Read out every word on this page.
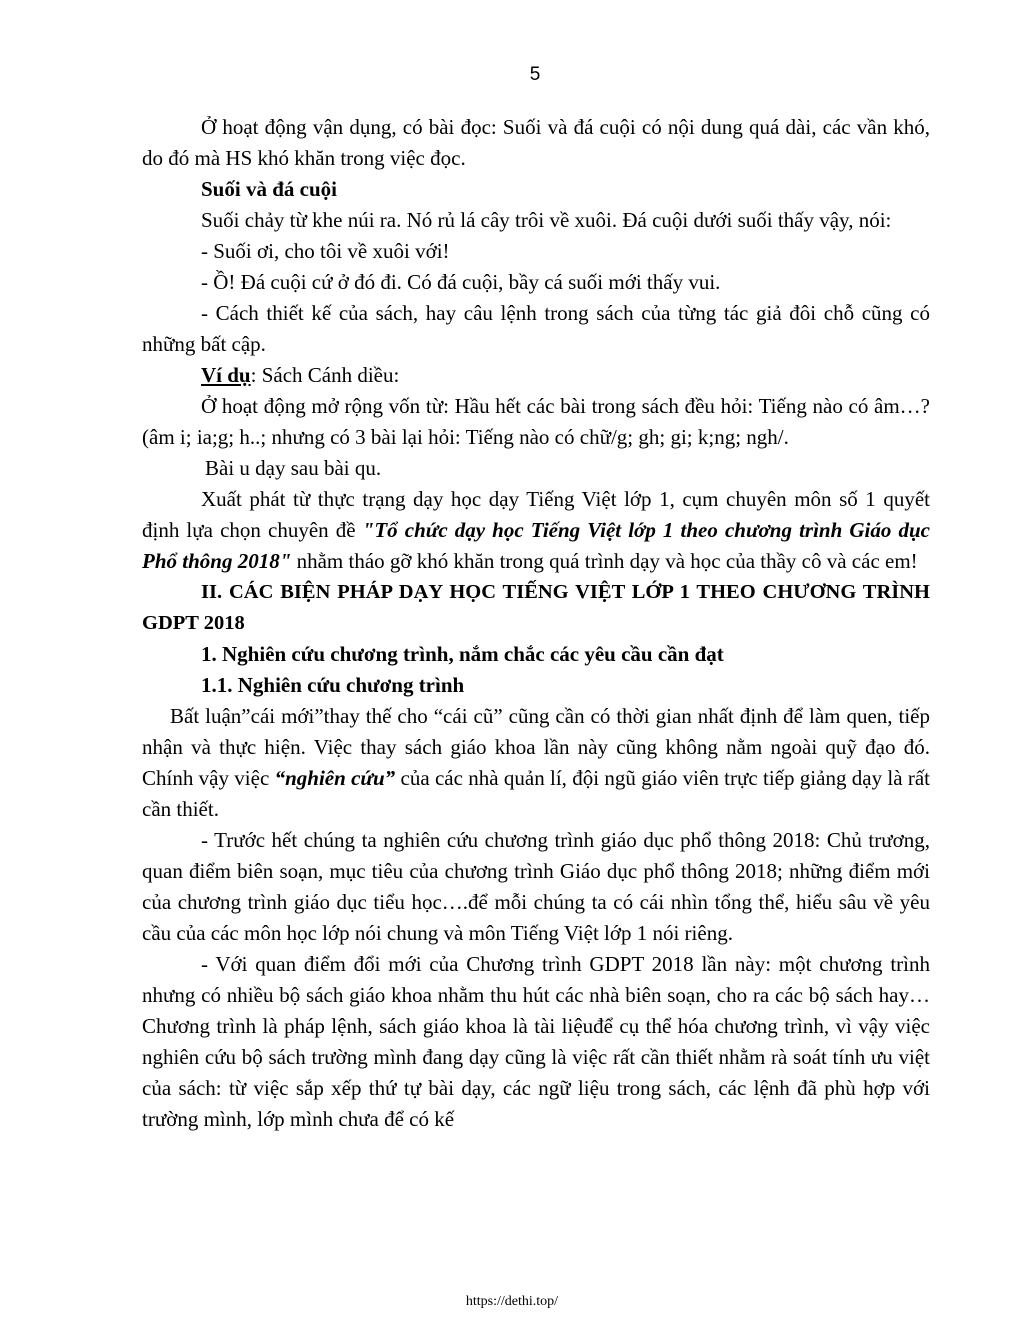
5

Ở hoạt động vận dụng, có bài đọc: Suối và đá cuội có nội dung quá dài, các vần khó, do đó mà HS khó khăn trong việc đọc.

Suối và đá cuội

Suối chảy từ khe núi ra. Nó rủ lá cây trôi về xuôi. Đá cuội dưới suối thấy vậy, nói:

- Suối ơi, cho tôi về xuôi với!

- Ồ! Đá cuội cứ ở đó đi. Có đá cuội, bầy cá suối mới thấy vui.

- Cách thiết kế của sách, hay câu lệnh trong sách của từng tác giả đôi chỗ cũng có những bất cập.

Ví dụ: Sách Cánh diều:

Ở hoạt động mở rộng vốn từ: Hầu hết các bài trong sách đều hỏi: Tiếng nào có âm…? (âm i; ia;g; h..; nhưng có 3 bài lại hỏi: Tiếng nào có chữ/g; gh; gi; k;ng; ngh/.

Bài u dạy sau bài qu.

Xuất phát từ thực trạng dạy học dạy Tiếng Việt lớp 1, cụm chuyên môn số 1 quyết định lựa chọn chuyên đề "Tổ chức dạy học Tiếng Việt lớp 1 theo chương trình Giáo dục Phổ thông 2018" nhằm tháo gỡ khó khăn trong quá trình dạy và học của thầy cô và các em!

II. CÁC BIỆN PHÁP DẠY HỌC TIẾNG VIỆT LỚP 1 THEO CHƯƠNG TRÌNH GDPT 2018

1. Nghiên cứu chương trình, nắm chắc các yêu cầu cần đạt

1.1. Nghiên cứu chương trình

Bất luận”cái mới”thay thế cho “cái cũ” cũng cần có thời gian nhất định để làm quen, tiếp nhận và thực hiện. Việc thay sách giáo khoa lần này cũng không nằm ngoài quỹ đạo đó. Chính vậy việc “nghiên cứu” của các nhà quản lí, đội ngũ giáo viên trực tiếp giảng dạy là rất cần thiết.

- Trước hết chúng ta nghiên cứu chương trình giáo dục phổ thông 2018: Chủ trương, quan điểm biên soạn, mục tiêu của chương trình Giáo dục phổ thông 2018; những điểm mới của chương trình giáo dục tiểu học….để mỗi chúng ta có cái nhìn tổng thể, hiểu sâu về yêu cầu của các môn học lớp nói chung và môn Tiếng Việt lớp 1 nói riêng.

- Với quan điểm đổi mới của Chương trình GDPT 2018 lần này: một chương trình nhưng có nhiều bộ sách giáo khoa nhằm thu hút các nhà biên soạn, cho ra các bộ sách hay… Chương trình là pháp lệnh, sách giáo khoa là tài liệuđể cụ thể hóa chương trình, vì vậy việc nghiên cứu bộ sách trường mình đang dạy cũng là việc rất cần thiết nhằm rà soát tính ưu việt của sách: từ việc sắp xếp thứ tự bài dạy, các ngữ liệu trong sách, các lệnh đã phù hợp với trường mình, lớp mình chưa để có kế

https://dethi.top/
